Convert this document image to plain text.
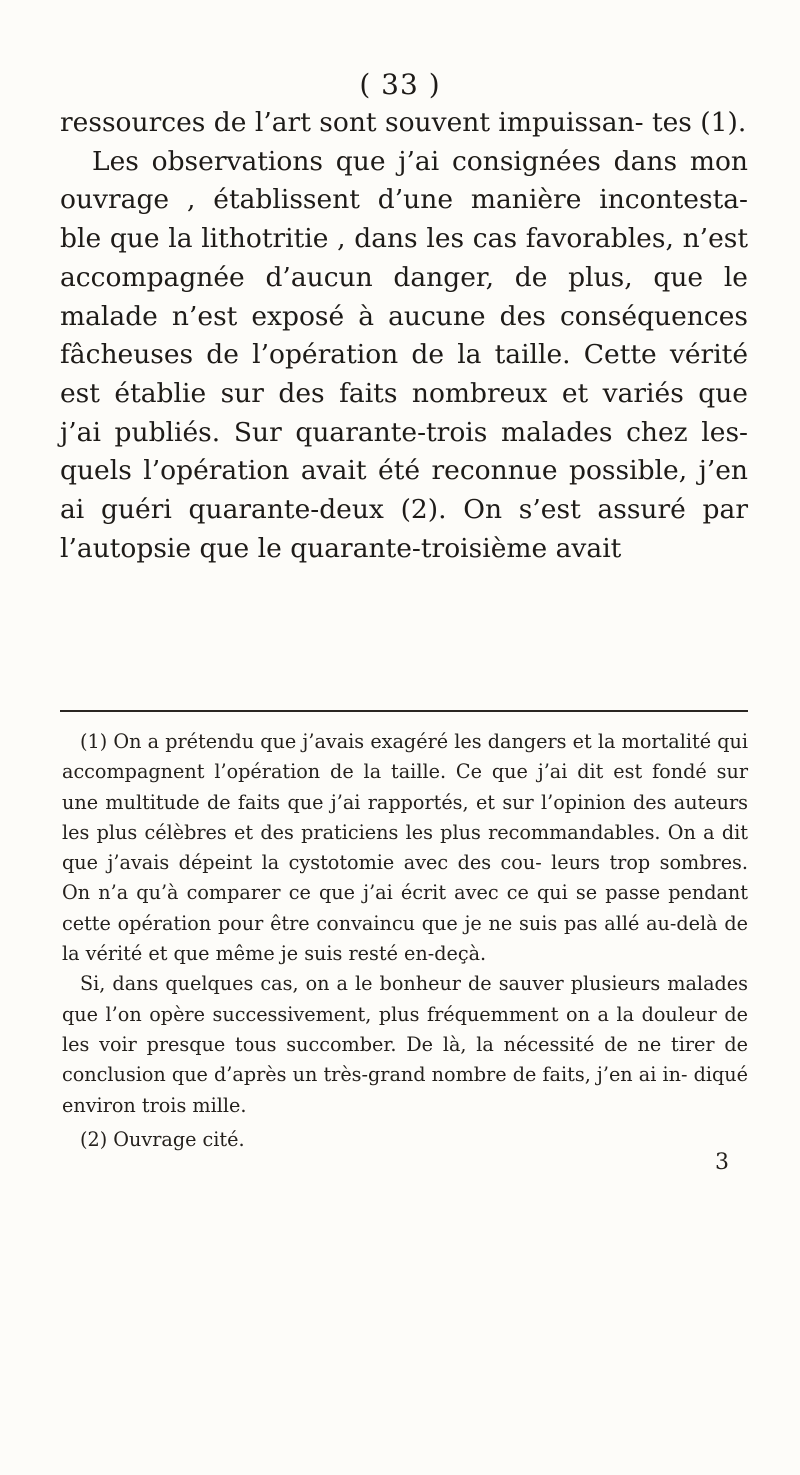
( 33 )

ressources de l’art sont souvent impuissan- tes (1).

Les observations que j’ai consignées dans mon ouvrage , établissent d’une manière incontesta- ble que la lithotritie , dans les cas favorables, n’est accompagnée d’aucun danger, de plus, que le malade n’est exposé à aucune des conséquences fâcheuses de l’opération de la taille. Cette vérité est établie sur des faits nombreux et variés que j’ai publiés. Sur quarante-trois malades chez les- quels l’opération avait été reconnue possible, j’en ai guéri quarante-deux (2). On s’est assuré par l’autopsie que le quarante-troisième avait

(1) On a prétendu que j’avais exagéré les dangers et la mortalité qui accompagnent l’opération de la taille. Ce que j’ai dit est fondé sur une multitude de faits que j’ai rapportés, et sur l’opinion des auteurs les plus célèbres et des praticiens les plus recommandables. On a dit que j’avais dépeint la cystotomie avec des cou- leurs trop sombres. On n’a qu’à comparer ce que j’ai écrit avec ce qui se passe pendant cette opération pour être convaincu que je ne suis pas allé au-delà de la vérité et que même je suis resté en-deçà.

Si, dans quelques cas, on a le bonheur de sauver plusieurs malades que l’on opère successivement, plus fréquemment on a la douleur de les voir presque tous succomber. De là, la nécessité de ne tirer de conclusion que d’après un très-grand nombre de faits, j’en ai in- diqué environ trois mille.

(2) Ouvrage cité.

3
